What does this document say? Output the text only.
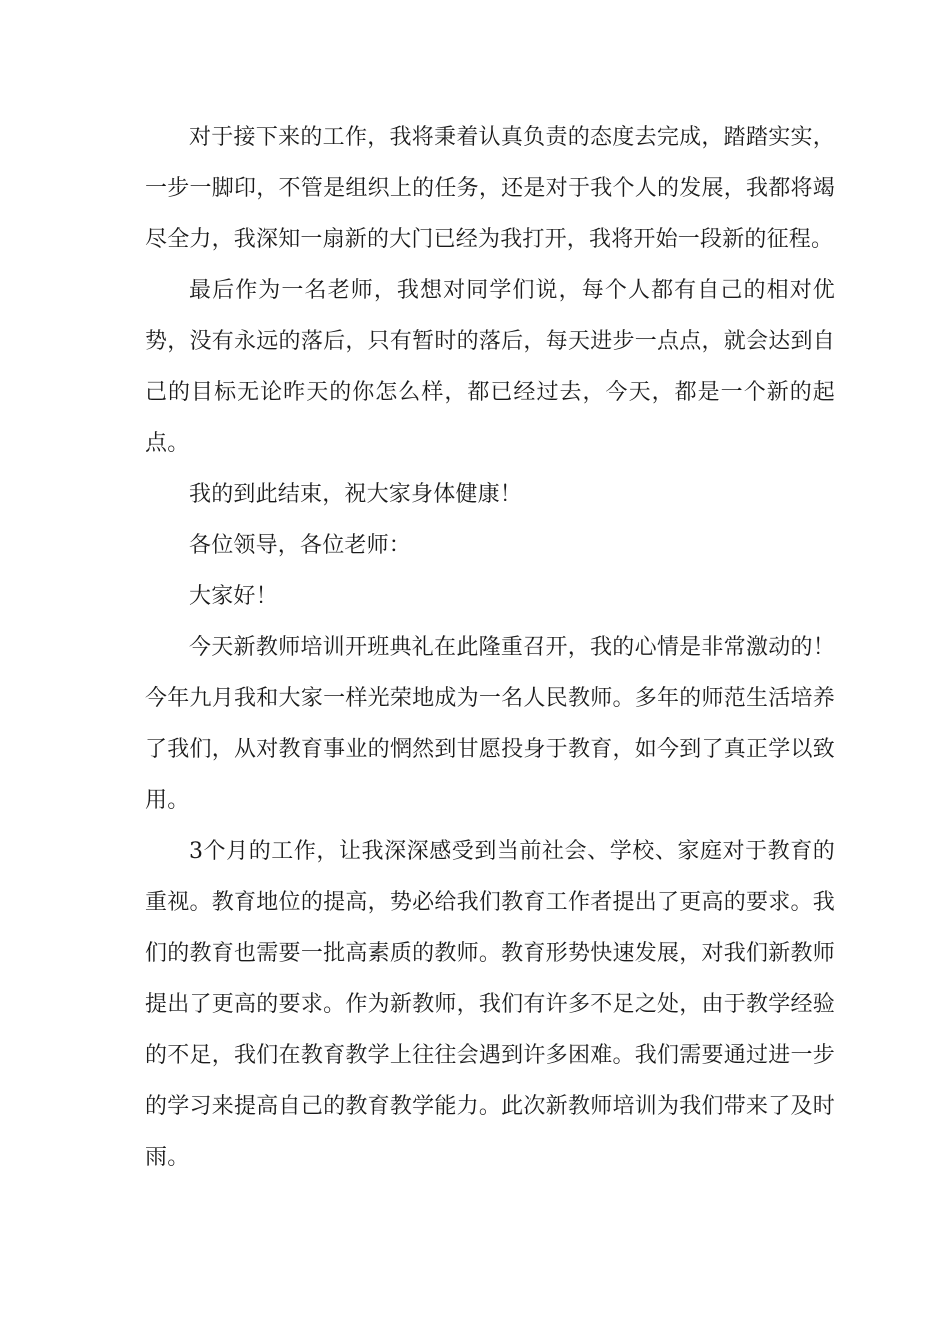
对于接下来的工作，我将秉着认真负责的态度去完成，踏踏实实，一步一脚印，不管是组织上的任务，还是对于我个人的发展，我都将竭尽全力，我深知一扇新的大门已经为我打开，我将开始一段新的征程。

最后作为一名老师，我想对同学们说，每个人都有自己的相对优势，没有永远的落后，只有暂时的落后，每天进步一点点，就会达到自己的目标无论昨天的你怎么样，都已经过去，今天，都是一个新的起点。

我的到此结束，祝大家身体健康！

各位领导，各位老师：

大家好！

今天新教师培训开班典礼在此隆重召开，我的心情是非常激动的！今年九月我和大家一样光荣地成为一名人民教师。多年的师范生活培养了我们，从对教育事业的惘然到甘愿投身于教育，如今到了真正学以致用。

3个月的工作，让我深深感受到当前社会、学校、家庭对于教育的重视。教育地位的提高，势必给我们教育工作者提出了更高的要求。我们的教育也需要一批高素质的教师。教育形势快速发展，对我们新教师提出了更高的要求。作为新教师，我们有许多不足之处，由于教学经验的不足，我们在教育教学上往往会遇到许多困难。我们需要通过进一步的学习来提高自己的教育教学能力。此次新教师培训为我们带来了及时雨。
